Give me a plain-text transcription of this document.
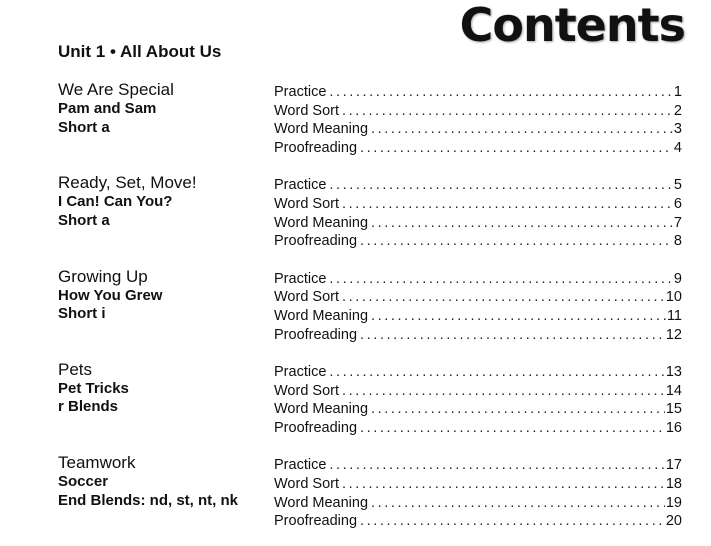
Contents
Unit 1 • All About Us
We Are Special
Pam and Sam
Short a
Practice .....	1
Word Sort .....	2
Word Meaning .....	3
Proofreading .....	4
Ready, Set, Move!
I Can! Can You?
Short a
Practice .....	5
Word Sort .....	6
Word Meaning .....	7
Proofreading .....	8
Growing Up
How You Grew
Short i
Practice .....	9
Word Sort .....	10
Word Meaning .....	11
Proofreading .....	12
Pets
Pet Tricks
r Blends
Practice .....	13
Word Sort .....	14
Word Meaning .....	15
Proofreading .....	16
Teamwork
Soccer
End Blends: nd, st, nt, nk
Practice .....	17
Word Sort .....	18
Word Meaning .....	19
Proofreading .....	20
